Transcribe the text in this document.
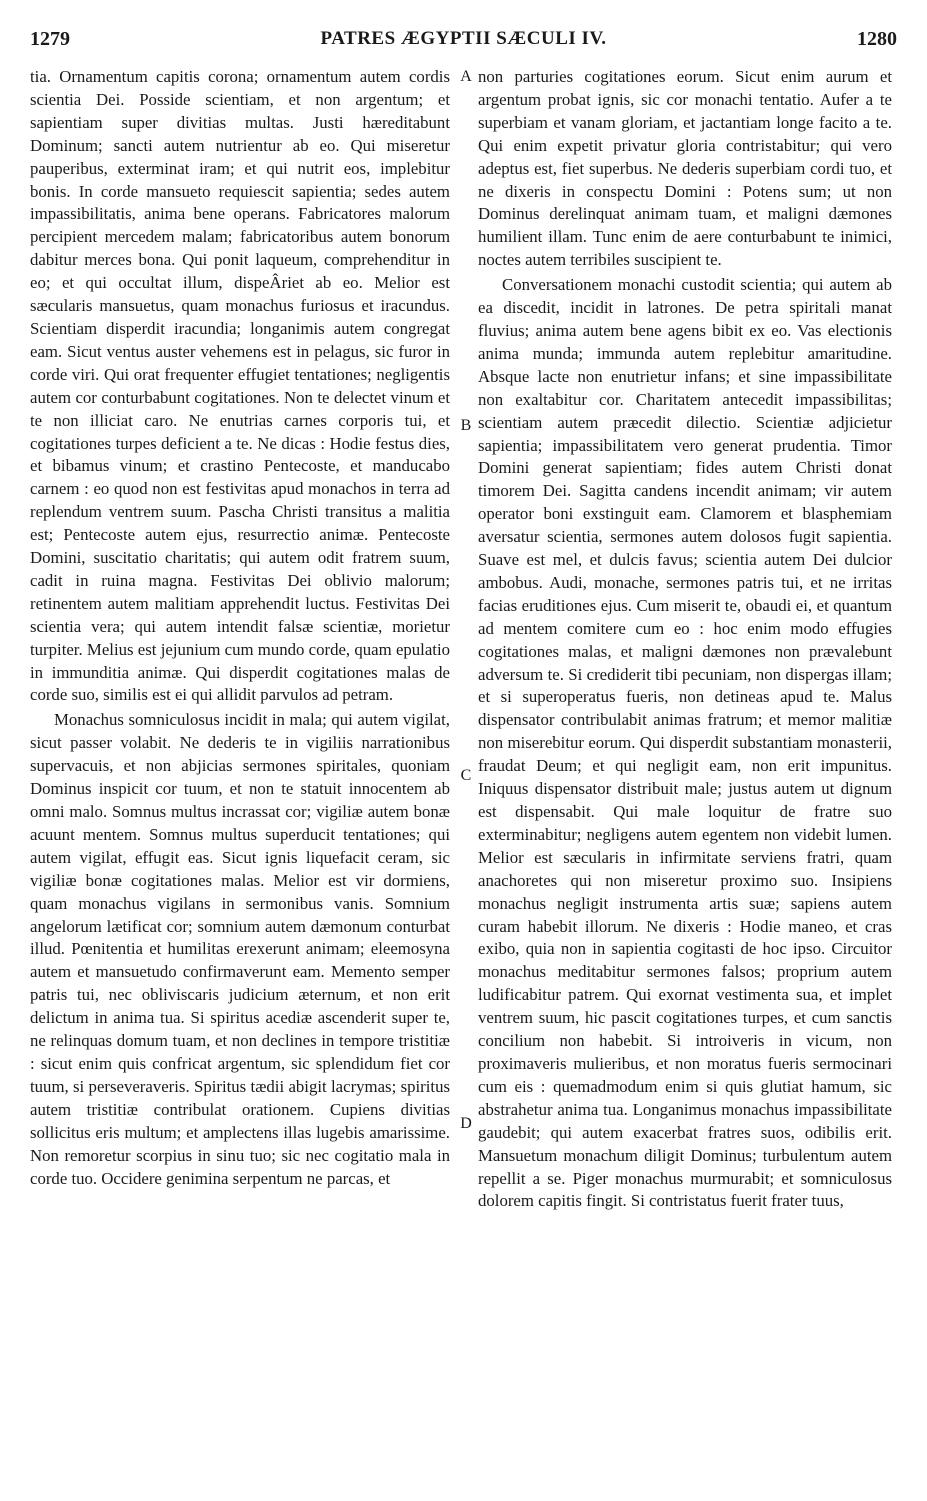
1279	PATRES ÆGYPTII SÆCULI IV.	1280

tia. Ornamentum capitis corona; ornamentum autem cordis scientia Dei. Posside scientiam, et non argentum; et sapientiam super divitias multas. Justi hæreditabunt Dominum; sancti autem nutrientur ab eo. Qui miseretur pauperibus, exterminat iram; et qui nutrit eos, implebitur bonis. In corde mansueto requiescit sapientia; sedes autem impassibilitatis, anima bene operans. Fabricatores malorum percipient mercedem malam; fabricatoribus autem bonorum dabitur merces bona. Qui ponit laqueum, comprehenditur in eo; et qui occultat illum, dispeÂriet ab eo. Melior est sæcularis mansuetus, quam monachus furiosus et iracundus. Scientiam disperdit iracundia; longanimis autem congregat eam. Sicut ventus auster vehemens est in pelagus, sic furor in corde viri. Qui orat frequenter effugiet tentationes; negligentis autem cor conturbabunt cogitationes. Non te delectet vinum et te non illiciat caro. Ne enutrias carnes corporis tui, et cogitationes turpes deficient a te. Ne dicas : Hodie festus dies, et bibamus vinum; et crastino Pentecoste, et manducabo carnem : eo quod non est festivitas apud monachos in terra ad replendum ventrem suum. Pascha Christi transitus a malitia est; Pentecoste autem ejus, resurrectio animæ. Pentecoste Domini, suscitatio charitatis; qui autem odit fratrem suum, cadit in ruina magna. Festivitas Dei oblivio malorum; retinentem autem malitiam apprehendit luctus. Festivitas Dei scientia vera; qui autem intendit falsæ scientiæ, morietur turpiter. Melius est jejunium cum mundo corde, quam epulatio in immunditia animæ. Qui disperdit cogitationes malas de corde suo, similis est ei qui allidit parvulos ad petram.

Monachus somniculosus incidit in mala; qui autem vigilat, sicut passer volabit. Ne dederis te in vigiliis narrationibus supervacuis, et non abjicias sermones spiritales, quoniam Dominus inspicit cor tuum, et non te statuit innocentem ab omni malo. Somnus multus incrassat cor; vigiliæ autem bonæ acuunt mentem. Somnus multus superducit tentationes; qui autem vigilat, effugit eas. Sicut ignis liquefacit ceram, sic vigiliæ bonæ cogitationes malas. Melior est vir dormiens, quam monachus vigilans in sermonibus vanis. Somnium angelorum lætificat cor; somnium autem dæmonum conturbat illud. Pœnitentia et humilitas erexerunt animam; eleemosyna autem et mansuetudo confirmaverunt eam. Memento semper patris tui, nec obliviscaris judicium æternum, et non erit delictum in anima tua. Si spiritus acediæ ascenderit super te, ne relinquas domum tuam, et non declines in tempore tristitiæ : sicut enim quis confricat argentum, sic splendidum fiet cor tuum, si perseveraveris. Spiritus tædii abigit lacrymas; spiritus autem tristitiæ contribulat orationem. Cupiens divitias sollicitus eris multum; et amplectens illas lugebis amarissime. Non remoretur scorpius in sinu tuo; sic nec cogitatio mala in corde tuo. Occidere genimina serpentum ne parcas, et

non parturies cogitationes eorum. Sicut enim aurum et argentum probat ignis, sic cor monachi tentatio. Aufer a te superbiam et vanam gloriam, et jactantiam longe facito a te. Qui enim expetit privatur gloria contristabitur; qui vero adeptus est, fiet superbus. Ne dederis superbiam cordi tuo, et ne dixeris in conspectu Domini : Potens sum; ut non Dominus derelinquat animam tuam, et maligni dæmones humilient illam. Tunc enim de aere conturbabunt te inimici, noctes autem terribiles suscipient te.

Conversationem monachi custodit scientia; qui autem ab ea discedit, incidit in latrones. De petra spiritali manat fluvius; anima autem bene agens bibit ex eo. Vas electionis anima munda; immunda autem replebitur amaritudine. Absque lacte non enutrietur infans; et sine impassibilitate non exaltabitur cor. Charitatem antecedit impassibilitas; scientiam autem præcedit dilectio. Scientiæ adjicietur sapientia; impassibilitatem vero generat prudentia. Timor Domini generat sapientiam; fides autem Christi donat timorem Dei. Sagitta candens incendit animam; vir autem operator boni exstinguit eam. Clamorem et blasphemiam aversatur scientia, sermones autem dolosos fugit sapientia. Suave est mel, et dulcis favus; scientia autem Dei dulcior ambobus. Audi, monache, sermones patris tui, et ne irritas facias eruditiones ejus. Cum miserit te, obaudi ei, et quantum ad mentem comitere cum eo : hoc enim modo effugies cogitationes malas, et maligni dæmones non prævalebunt adversum te. Si crediderit tibi pecuniam, non dispergas illam; et si superoperatus fueris, non detineas apud te. Malus dispensator contribulabit animas fratrum; et memor malitiæ non miserebitur eorum. Qui disperdit substantiam monasterii, fraudat Deum; et qui negligit eam, non erit impunitus. Iniquus dispensator distribuit male; justus autem ut dignum est dispensabit. Qui male loquitur de fratre suo exterminabitur; negligens autem egentem non videbit lumen. Melior est sæcularis in infirmitate serviens fratri, quam anachoretes qui non miseretur proximo suo. Insipiens monachus negligit instrumenta artis suæ; sapiens autem curam habebit illorum. Ne dixeris : Hodie maneo, et cras exibo, quia non in sapientia cogitasti de hoc ipso. Circuitor monachus meditabitur sermones falsos; proprium autem ludificabitur patrem. Qui exornat vestimenta sua, et implet ventrem suum, hic pascit cogitationes turpes, et cum sanctis concilium non habebit. Si introiveris in vicum, non proximaveris mulieribus, et non moratus fueris sermocinari cum eis : quemadmodum enim si quis glutiat hamum, sic abstrahetur anima tua. Longanimus monachus impassibilitate gaudebit; qui autem exacerbat fratres suos, odibilis erit. Mansuetum monachum diligit Dominus; turbulentum autem repellit a se. Piger monachus murmurabit; et somniculosus dolorem capitis fingit. Si contristatus fuerit frater tuus,

A
B
C
D
